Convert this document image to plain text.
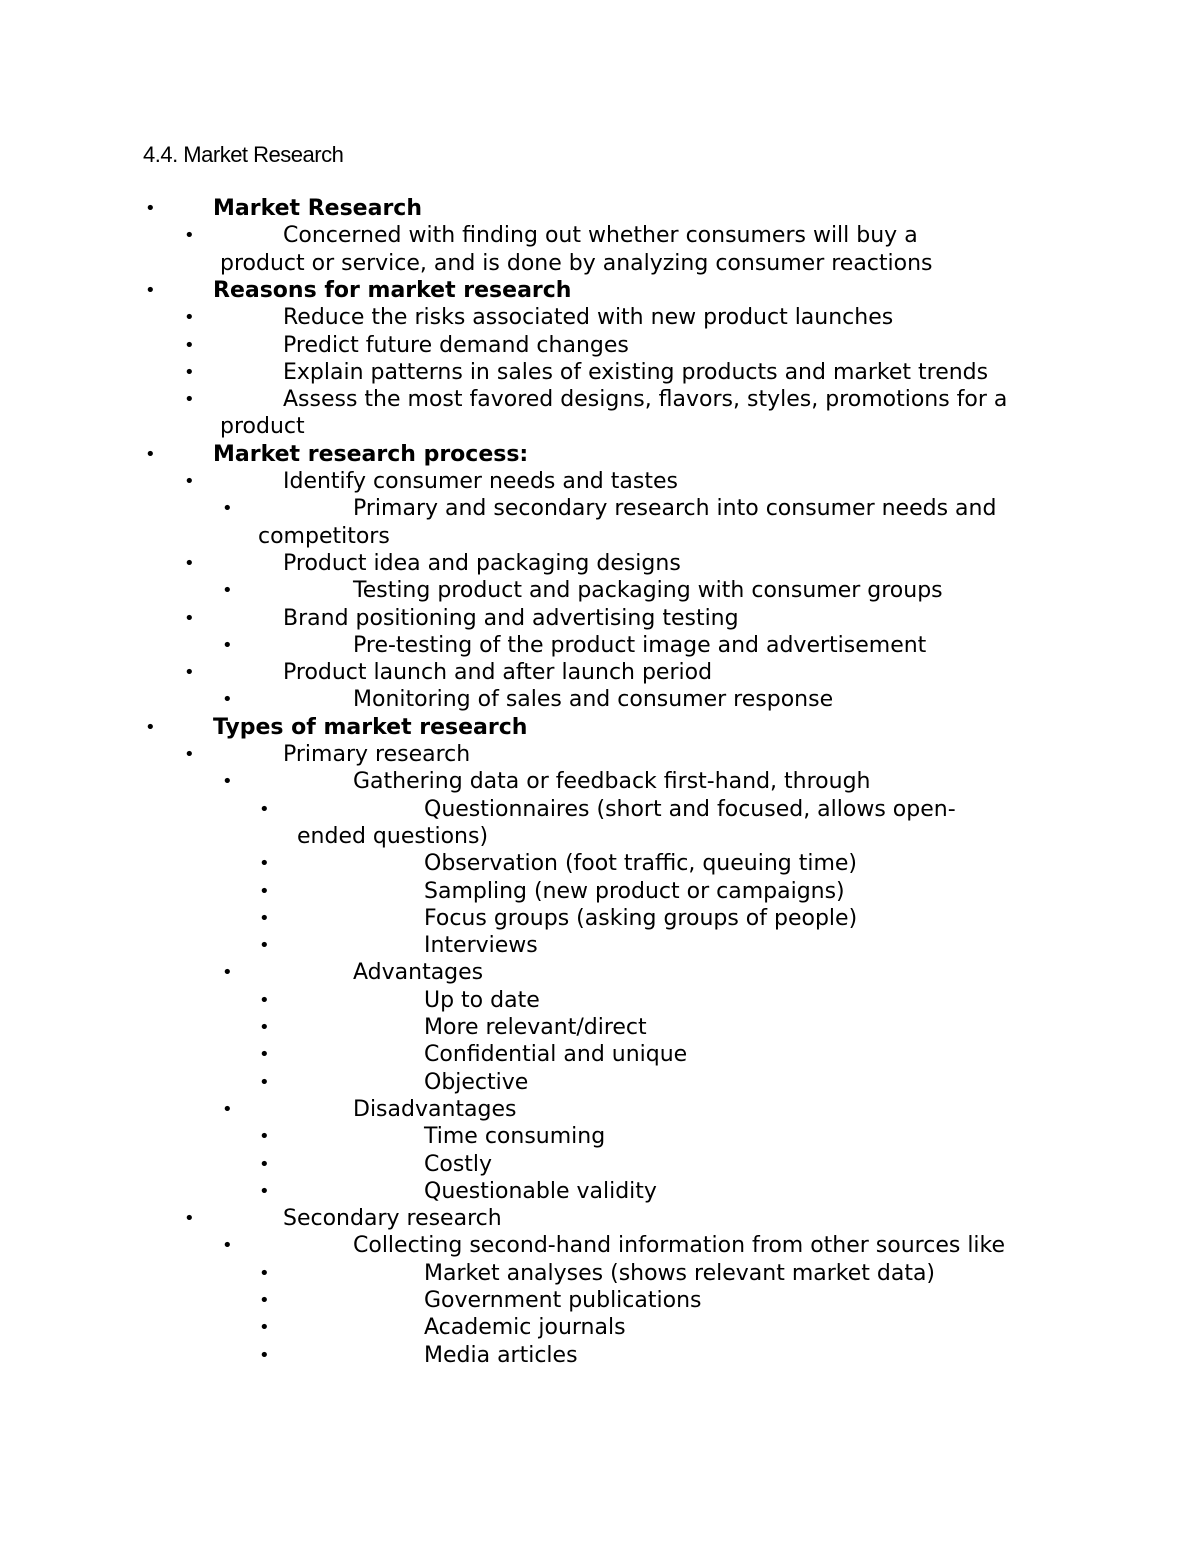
4.4. Market Research
•	Market Research
•	Concerned with finding out whether consumers will buy a
product or service, and is done by analyzing consumer reactions
•	Reasons for market research
•	Reduce the risks associated with new product launches
•	Predict future demand changes
•	Explain patterns in sales of existing products and market trends
•	Assess the most favored designs, flavors, styles, promotions for a
product
•	Market research process:
•	Identify consumer needs and tastes
•	Primary and secondary research into consumer needs and
competitors
•	Product idea and packaging designs
•	Testing product and packaging with consumer groups
•	Brand positioning and advertising testing
•	Pre-testing of the product image and advertisement
•	Product launch and after launch period
•	Monitoring of sales and consumer response
•	Types of market research
•	Primary research
•	Gathering data or feedback first-hand, through
•	Questionnaires (short and focused, allows open-
ended questions)
•	Observation (foot traffic, queuing time)
•	Sampling (new product or campaigns)
•	Focus groups (asking groups of people)
•	Interviews
•	Advantages
•	Up to date
•	More relevant/direct
•	Confidential and unique
•	Objective
•	Disadvantages
•	Time consuming
•	Costly
•	Questionable validity
•	Secondary research
•	Collecting second-hand information from other sources like
•	Market analyses (shows relevant market data)
•	Government publications
•	Academic journals
•	Media articles
